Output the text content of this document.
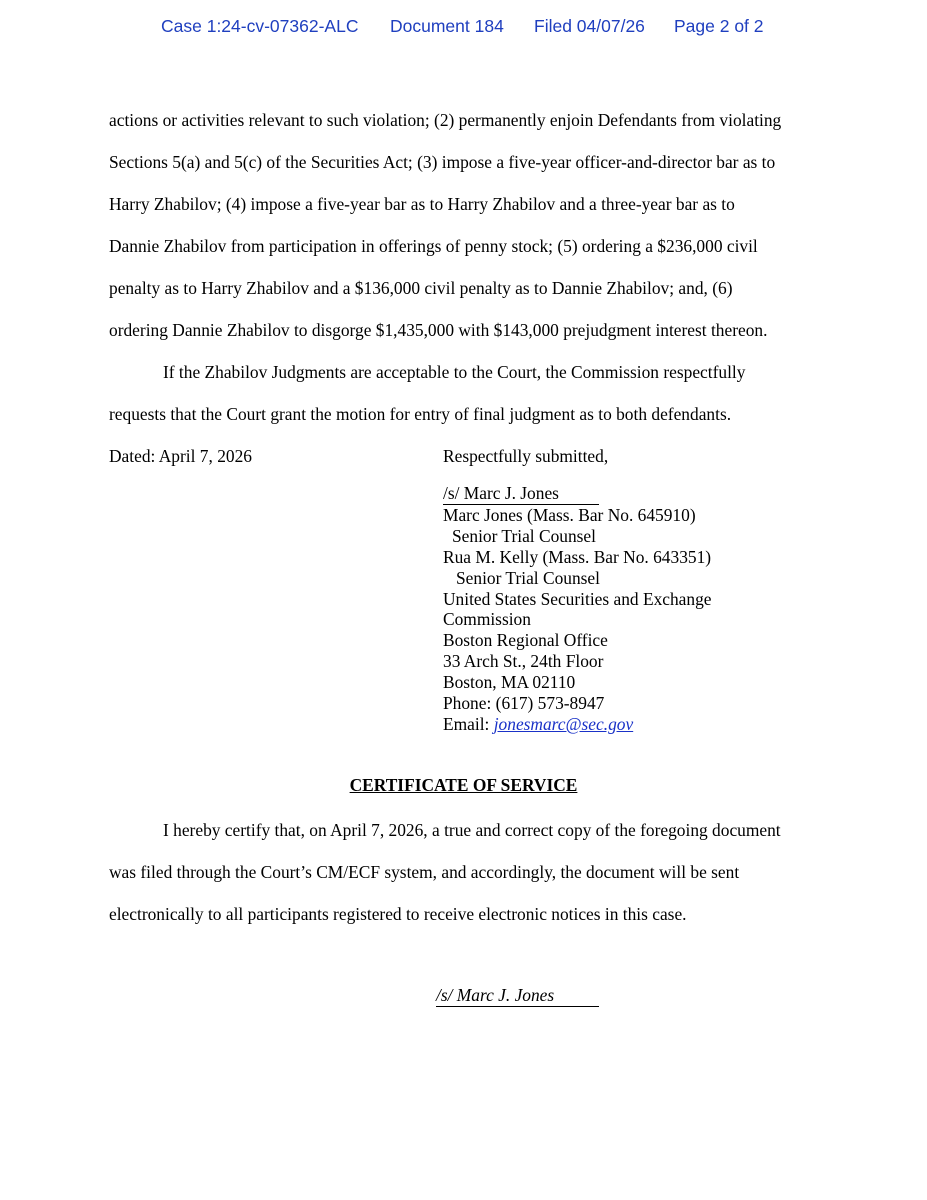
Case 1:24-cv-07362-ALC Document 184 Filed 04/07/26 Page 2 of 2
actions or activities relevant to such violation; (2) permanently enjoin Defendants from violating
Sections 5(a) and 5(c) of the Securities Act; (3) impose a five-year officer-and-director bar as to
Harry Zhabilov; (4) impose a five-year bar as to Harry Zhabilov and a three-year bar as to
Dannie Zhabilov from participation in offerings of penny stock; (5) ordering a $236,000 civil
penalty as to Harry Zhabilov and a $136,000 civil penalty as to Dannie Zhabilov; and, (6)
ordering Dannie Zhabilov to disgorge $1,435,000 with $143,000 prejudgment interest thereon.
If the Zhabilov Judgments are acceptable to the Court, the Commission respectfully
requests that the Court grant the motion for entry of final judgment as to both defendants.
Dated: April 7, 2026	Respectfully submitted,
/s/ Marc J. Jones
Marc Jones (Mass. Bar No. 645910)
Senior Trial Counsel
Rua M. Kelly (Mass. Bar No. 643351)
Senior Trial Counsel
United States Securities and Exchange
Commission
Boston Regional Office
33 Arch St., 24th Floor
Boston, MA 02110
Phone: (617) 573-8947
Email: jonesmarc@sec.gov
CERTIFICATE OF SERVICE
I hereby certify that, on April 7, 2026, a true and correct copy of the foregoing document
was filed through the Court’s CM/ECF system, and accordingly, the document will be sent
electronically to all participants registered to receive electronic notices in this case.
/s/ Marc J. Jones
